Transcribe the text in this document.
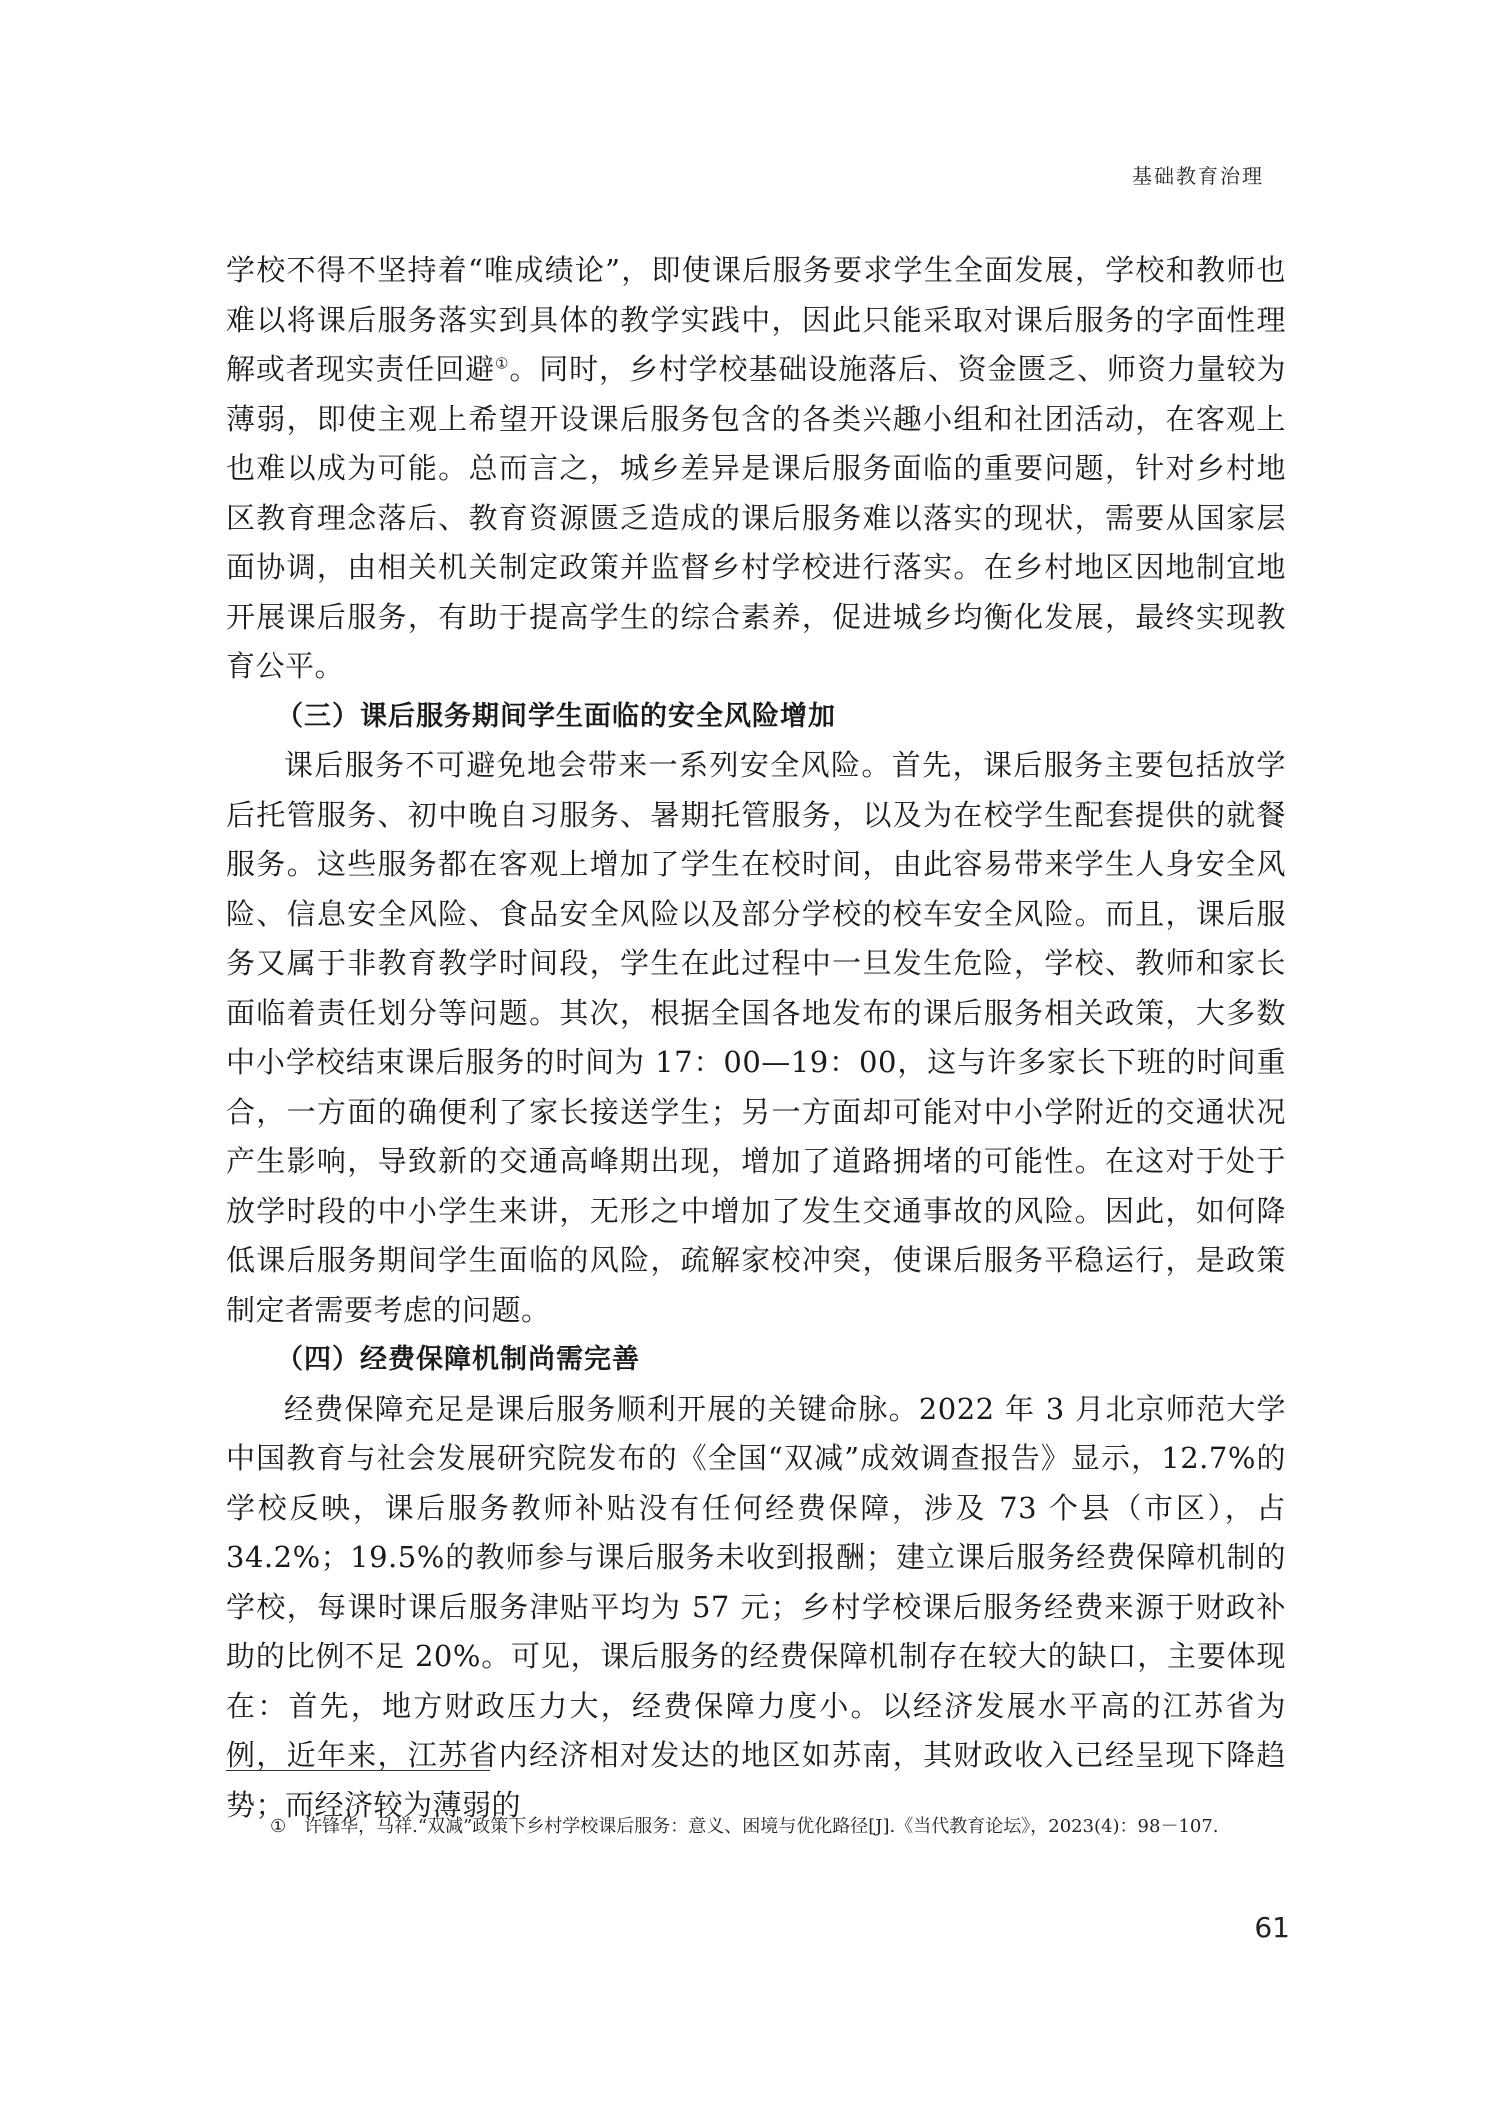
基础教育治理

学校不得不坚持着“唯成绩论”，即使课后服务要求学生全面发展，学校和教师也难以将课后服务落实到具体的教学实践中，因此只能采取对课后服务的字面性理解或者现实责任回避①。同时，乡村学校基础设施落后、资金匮乏、师资力量较为薄弱，即使主观上希望开设课后服务包含的各类兴趣小组和社团活动，在客观上也难以成为可能。总而言之，城乡差异是课后服务面临的重要问题，针对乡村地区教育理念落后、教育资源匮乏造成的课后服务难以落实的现状，需要从国家层面协调，由相关机关制定政策并监督乡村学校进行落实。在乡村地区因地制宜地开展课后服务，有助于提高学生的综合素养，促进城乡均衡化发展，最终实现教育公平。

（三）课后服务期间学生面临的安全风险增加

课后服务不可避免地会带来一系列安全风险。首先，课后服务主要包括放学后托管服务、初中晚自习服务、暑期托管服务，以及为在校学生配套提供的就餐服务。这些服务都在客观上增加了学生在校时间，由此容易带来学生人身安全风险、信息安全风险、食品安全风险以及部分学校的校车安全风险。而且，课后服务又属于非教育教学时间段，学生在此过程中一旦发生危险，学校、教师和家长面临着责任划分等问题。其次，根据全国各地发布的课后服务相关政策，大多数中小学校结束课后服务的时间为 17：00—19：00，这与许多家长下班的时间重合，一方面的确便利了家长接送学生；另一方面却可能对中小学附近的交通状况产生影响，导致新的交通高峰期出现，增加了道路拥堵的可能性。在这对于处于放学时段的中小学生来讲，无形之中增加了发生交通事故的风险。因此，如何降低课后服务期间学生面临的风险，疏解家校冲突，使课后服务平稳运行，是政策制定者需要考虑的问题。

（四）经费保障机制尚需完善

经费保障充足是课后服务顺利开展的关键命脉。2022 年 3 月北京师范大学中国教育与社会发展研究院发布的《全国“双减”成效调查报告》显示，12.7%的学校反映，课后服务教师补贴没有任何经费保障，涉及 73 个县（市区），占 34.2%；19.5%的教师参与课后服务未收到报酬；建立课后服务经费保障机制的学校，每课时课后服务津贴平均为 57 元；乡村学校课后服务经费来源于财政补助的比例不足 20%。可见，课后服务的经费保障机制存在较大的缺口，主要体现在：首先，地方财政压力大，经费保障力度小。以经济发展水平高的江苏省为例，近年来，江苏省内经济相对发达的地区如苏南，其财政收入已经呈现下降趋势；而经济较为薄弱的

① 许锋华，马祥.“双减”政策下乡村学校课后服务：意义、困境与优化路径[J].《当代教育论坛》，2023(4)：98－107.
61
